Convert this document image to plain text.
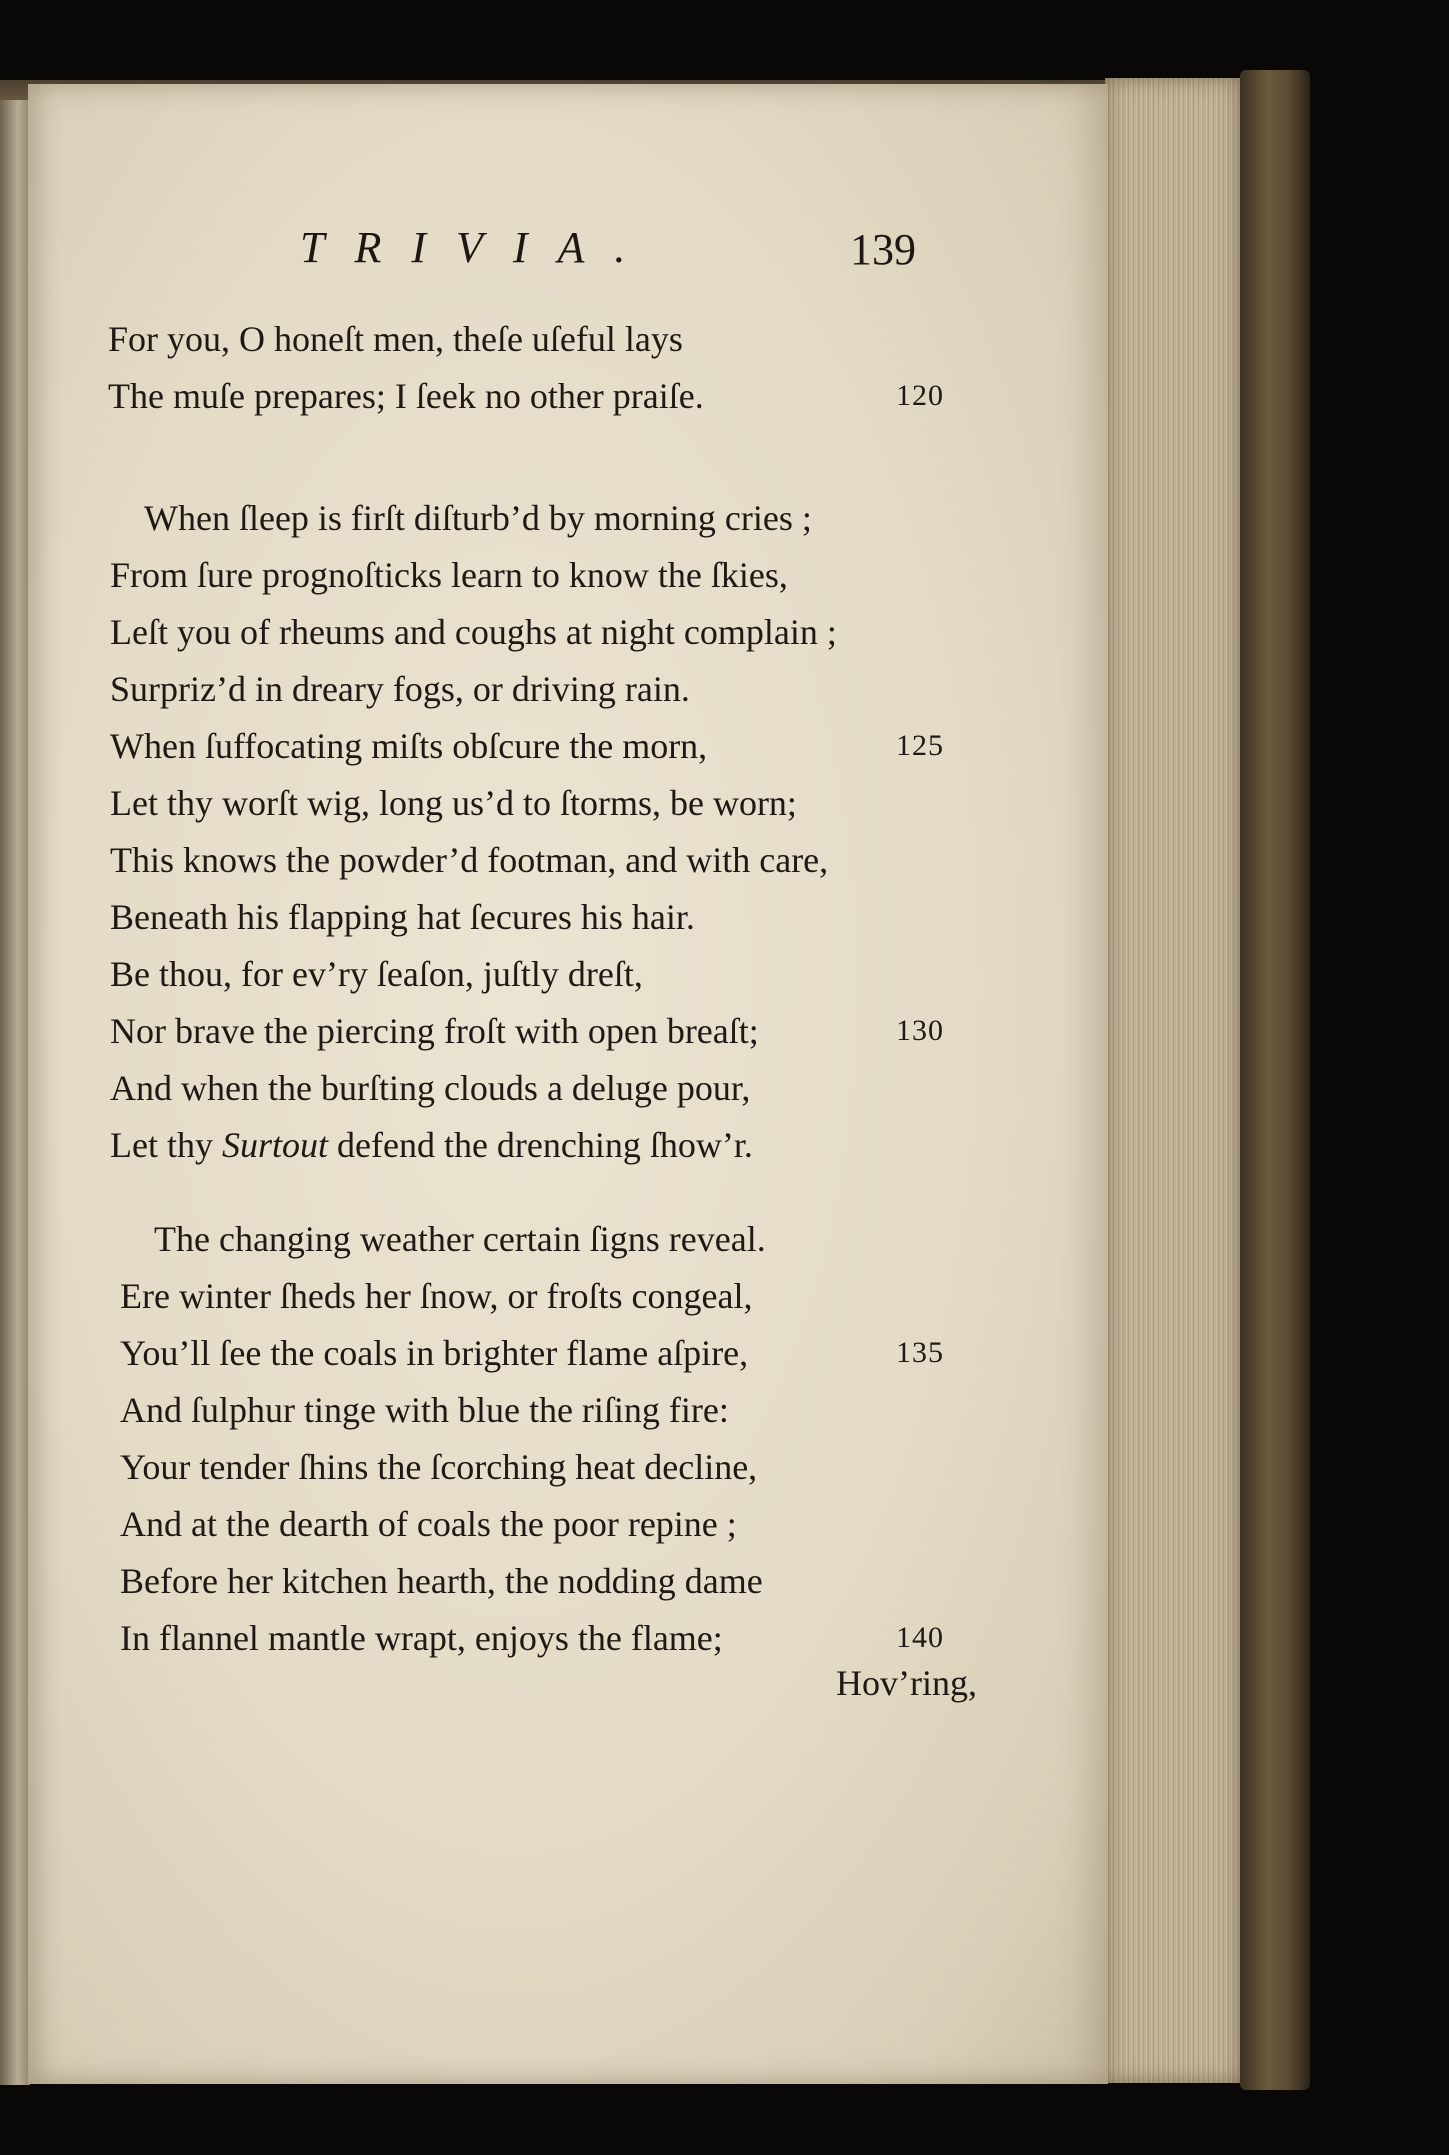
TRIVIA.	139
For you, O honeſt men, theſe uſeful lays
The muſe prepares; I ſeek no other praiſe.	120
When ſleep is firſt diſturb’d by morning cries ;
From ſure prognoſticks learn to know the ſkies,
Leſt you of rheums and coughs at night complain ;
Surpriz’d in dreary fogs, or driving rain.
When ſuffocating miſts obſcure the morn,	125
Let thy worſt wig, long us’d to ſtorms, be worn;
This knows the powder’d footman, and with care,
Beneath his flapping hat ſecures his hair.
Be thou, for ev’ry ſeaſon, juſtly dreſt,
Nor brave the piercing froſt with open breaſt;	130
And when the burſting clouds a deluge pour,
Let thy Surtout defend the drenching ſhow’r.
The changing weather certain ſigns reveal.
Ere winter ſheds her ſnow, or froſts congeal,
You’ll ſee the coals in brighter flame aſpire,	135
And ſulphur tinge with blue the riſing fire:
Your tender ſhins the ſcorching heat decline,
And at the dearth of coals the poor repine ;
Before her kitchen hearth, the nodding dame
In flannel mantle wrapt, enjoys the flame;	140
Hov’ring,
